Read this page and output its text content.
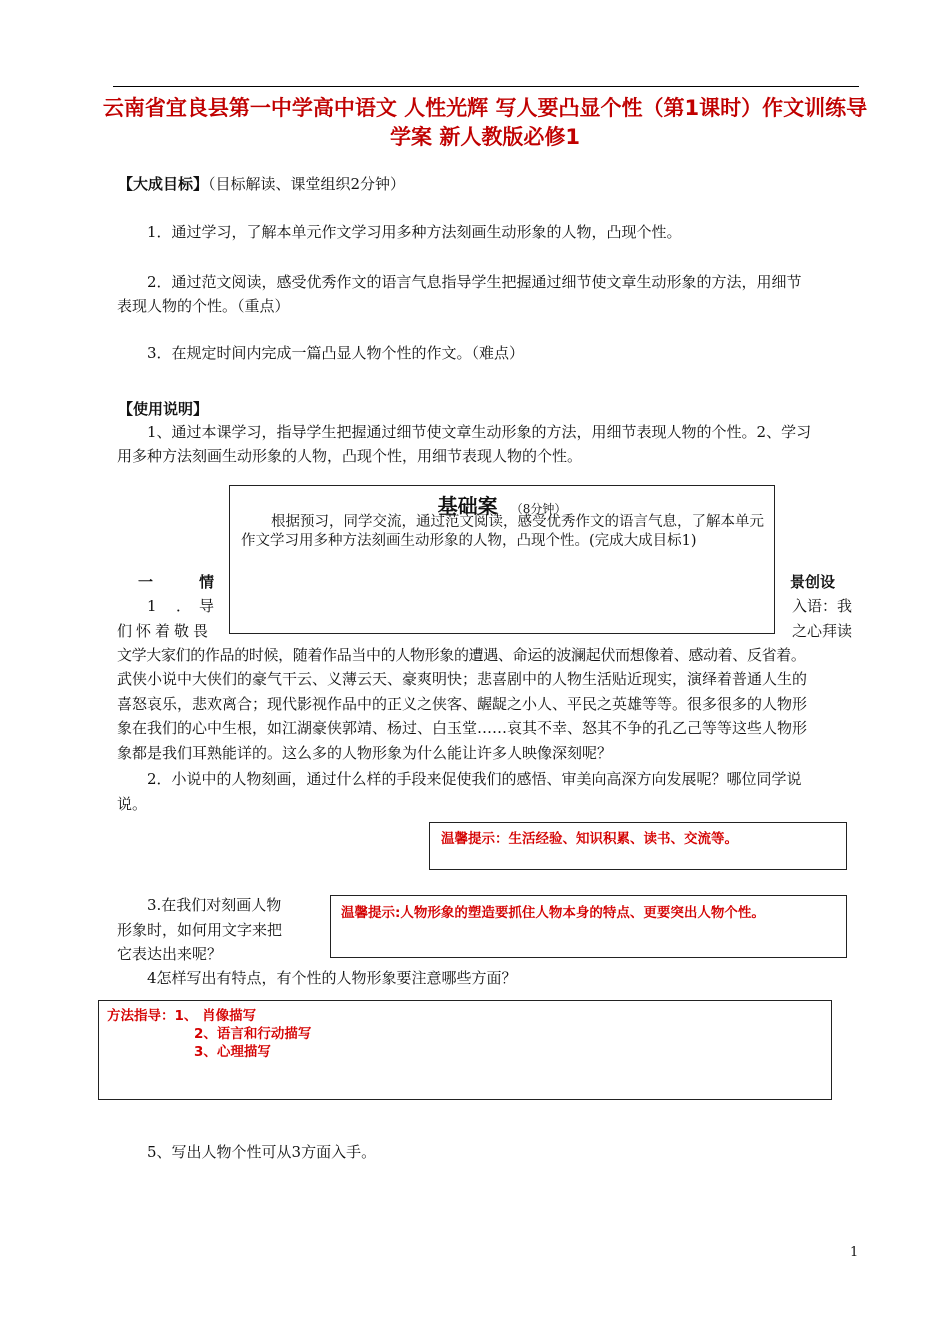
云南省宜良县第一中学高中语文 人性光辉 写人要凸显个性（第1课时）作文训练导学案 新人教版必修1
【大成目标】（目标解读、课堂组织2分钟）
1．通过学习，了解本单元作文学习用多种方法刻画生动形象的人物，凸现个性。
2．通过范文阅读，感受优秀作文的语言气息指导学生把握通过细节使文章生动形象的方法，用细节
表现人物的个性。（重点）
3．在规定时间内完成一篇凸显人物个性的作文。（难点）
【使用说明】
1、通过本课学习，指导学生把握通过细节使文章生动形象的方法，用细节表现人物的个性。2、学习
用多种方法刻画生动形象的人物，凸现个性，用细节表现人物的个性。
基础案 （8分钟）
根据预习，同学交流，通过范文阅读，感受优秀作文的语言气息，了解本单元作文学习用多种方法刻画生动形象的人物，凸现个性。(完成大成目标1)
一	情	景创设
1 ． 导	入语：我
们怀着敬畏	之心拜读
文学大家们的作品的时候，随着作品当中的人物形象的遭遇、命运的波澜起伏而想像着、感动着、反省着。
武侠小说中大侠们的豪气干云、义薄云天、豪爽明快；悲喜剧中的人物生活贴近现实，演绎着普通人生的
喜怒哀乐，悲欢离合；现代影视作品中的正义之侠客、龌龊之小人、平民之英雄等等。很多很多的人物形
象在我们的心中生根，如江湖豪侠郭靖、杨过、白玉堂……哀其不幸、怒其不争的孔乙己等等这些人物形
象都是我们耳熟能详的。这么多的人物形象为什么能让许多人映像深刻呢？
2．小说中的人物刻画，通过什么样的手段来促使我们的感悟、审美向高深方向发展呢？哪位同学说
说。
温馨提示：生活经验、知识积累、读书、交流等。
3.在我们对刻画人物
形象时，如何用文字来把
它表达出来呢？
温馨提示:人物形象的塑造要抓住人物本身的特点、更要突出人物个性。
4怎样写出有特点，有个性的人物形象要注意哪些方面？
方法指导：1、 肖像描写
2、语言和行动描写
3、心理描写
5、写出人物个性可从3方面入手。
1
